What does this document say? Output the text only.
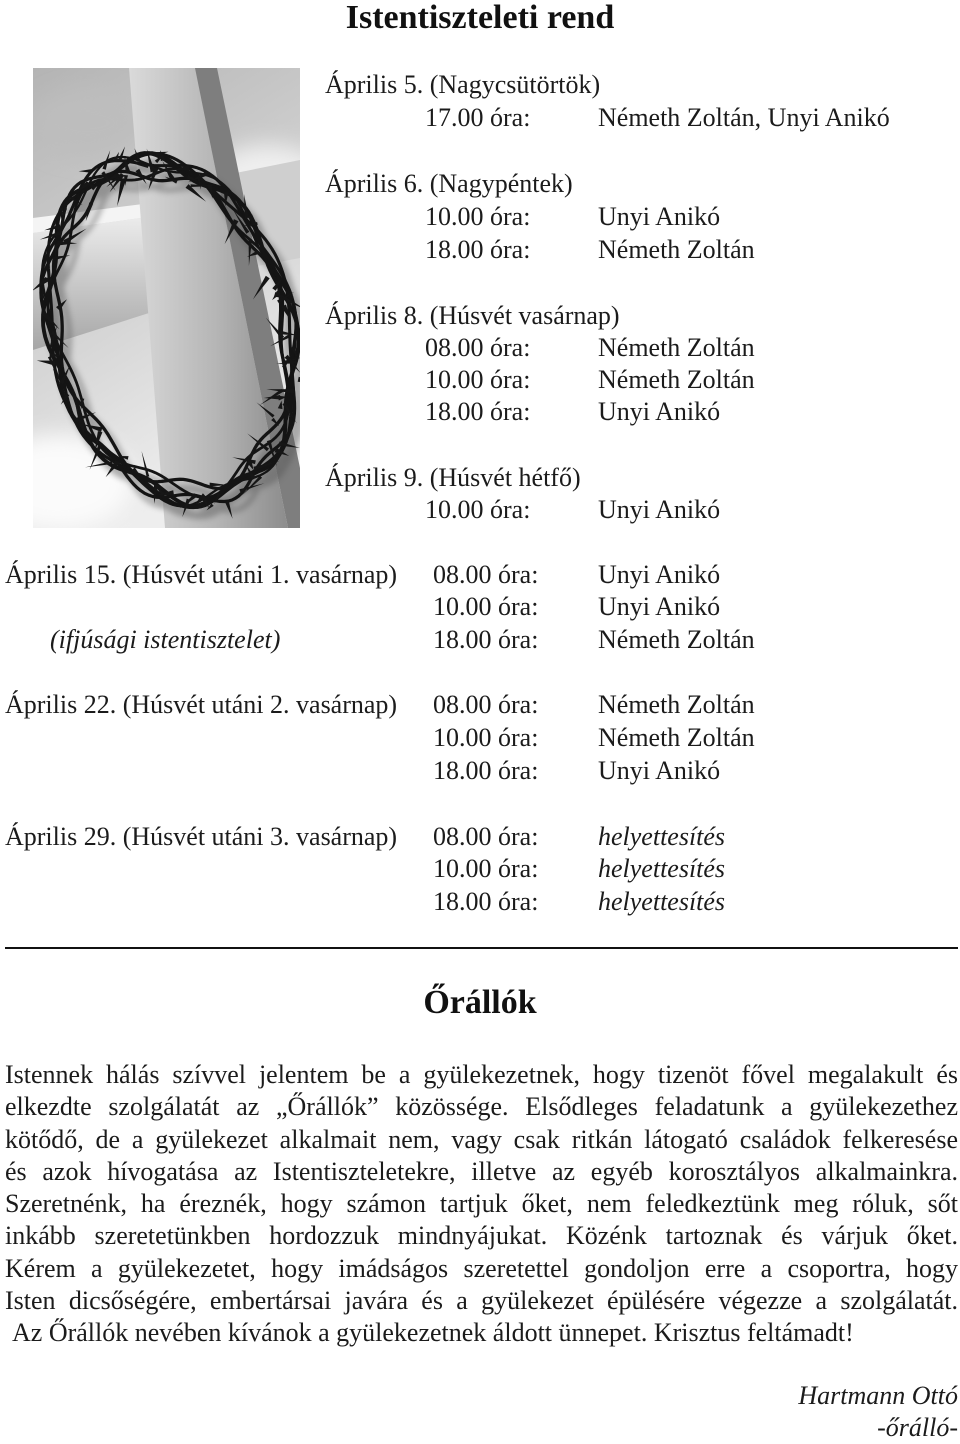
Istentiszteleti rend
Április 5. (Nagycsütörtök)
17.00 óra:	Németh Zoltán, Unyi Anikó
Április 6. (Nagypéntek)
10.00 óra:	Unyi Anikó
18.00 óra:	Németh Zoltán
Április 8. (Húsvét vasárnap)
08.00 óra:	Németh Zoltán
10.00 óra:	Németh Zoltán
18.00 óra:	Unyi Anikó
Április 9. (Húsvét hétfő)
10.00 óra:	Unyi Anikó
Április 15. (Húsvét utáni 1. vasárnap) 08.00 óra: Unyi Anikó
10.00 óra: Unyi Anikó
(ifjúsági istentisztelet)	18.00 óra: Németh Zoltán
Április 22. (Húsvét utáni 2. vasárnap) 08.00 óra: Németh Zoltán
10.00 óra: Németh Zoltán
18.00 óra: Unyi Anikó
Április 29. (Húsvét utáni 3. vasárnap) 08.00 óra: helyettesítés
10.00 óra: helyettesítés
18.00 óra: helyettesítés
Őrállók
Istennek hálás szívvel jelentem be a gyülekezetnek, hogy tizenöt fővel megalakult és
elkezdte szolgálatát az „Őrállók” közössége. Elsődleges feladatunk a gyülekezethez
kötődő, de a gyülekezet alkalmait nem, vagy csak ritkán látogató családok felkeresése
és azok hívogatása az Istentiszteletekre, illetve az egyéb korosztályos alkalmainkra.
Szeretnénk, ha éreznék, hogy számon tartjuk őket, nem feledkeztünk meg róluk, sőt
inkább szeretetünkben hordozzuk mindnyájukat. Közénk tartoznak és várjuk őket.
Kérem a gyülekezetet, hogy imádságos szeretettel gondoljon erre a csoportra, hogy
Isten dicsőségére, embertársai javára és a gyülekezet épülésére végezze a szolgálatát.
Az Őrállók nevében kívánok a gyülekezetnek áldott ünnepet. Krisztus feltámadt!
Hartmann Ottó
-őrálló-
